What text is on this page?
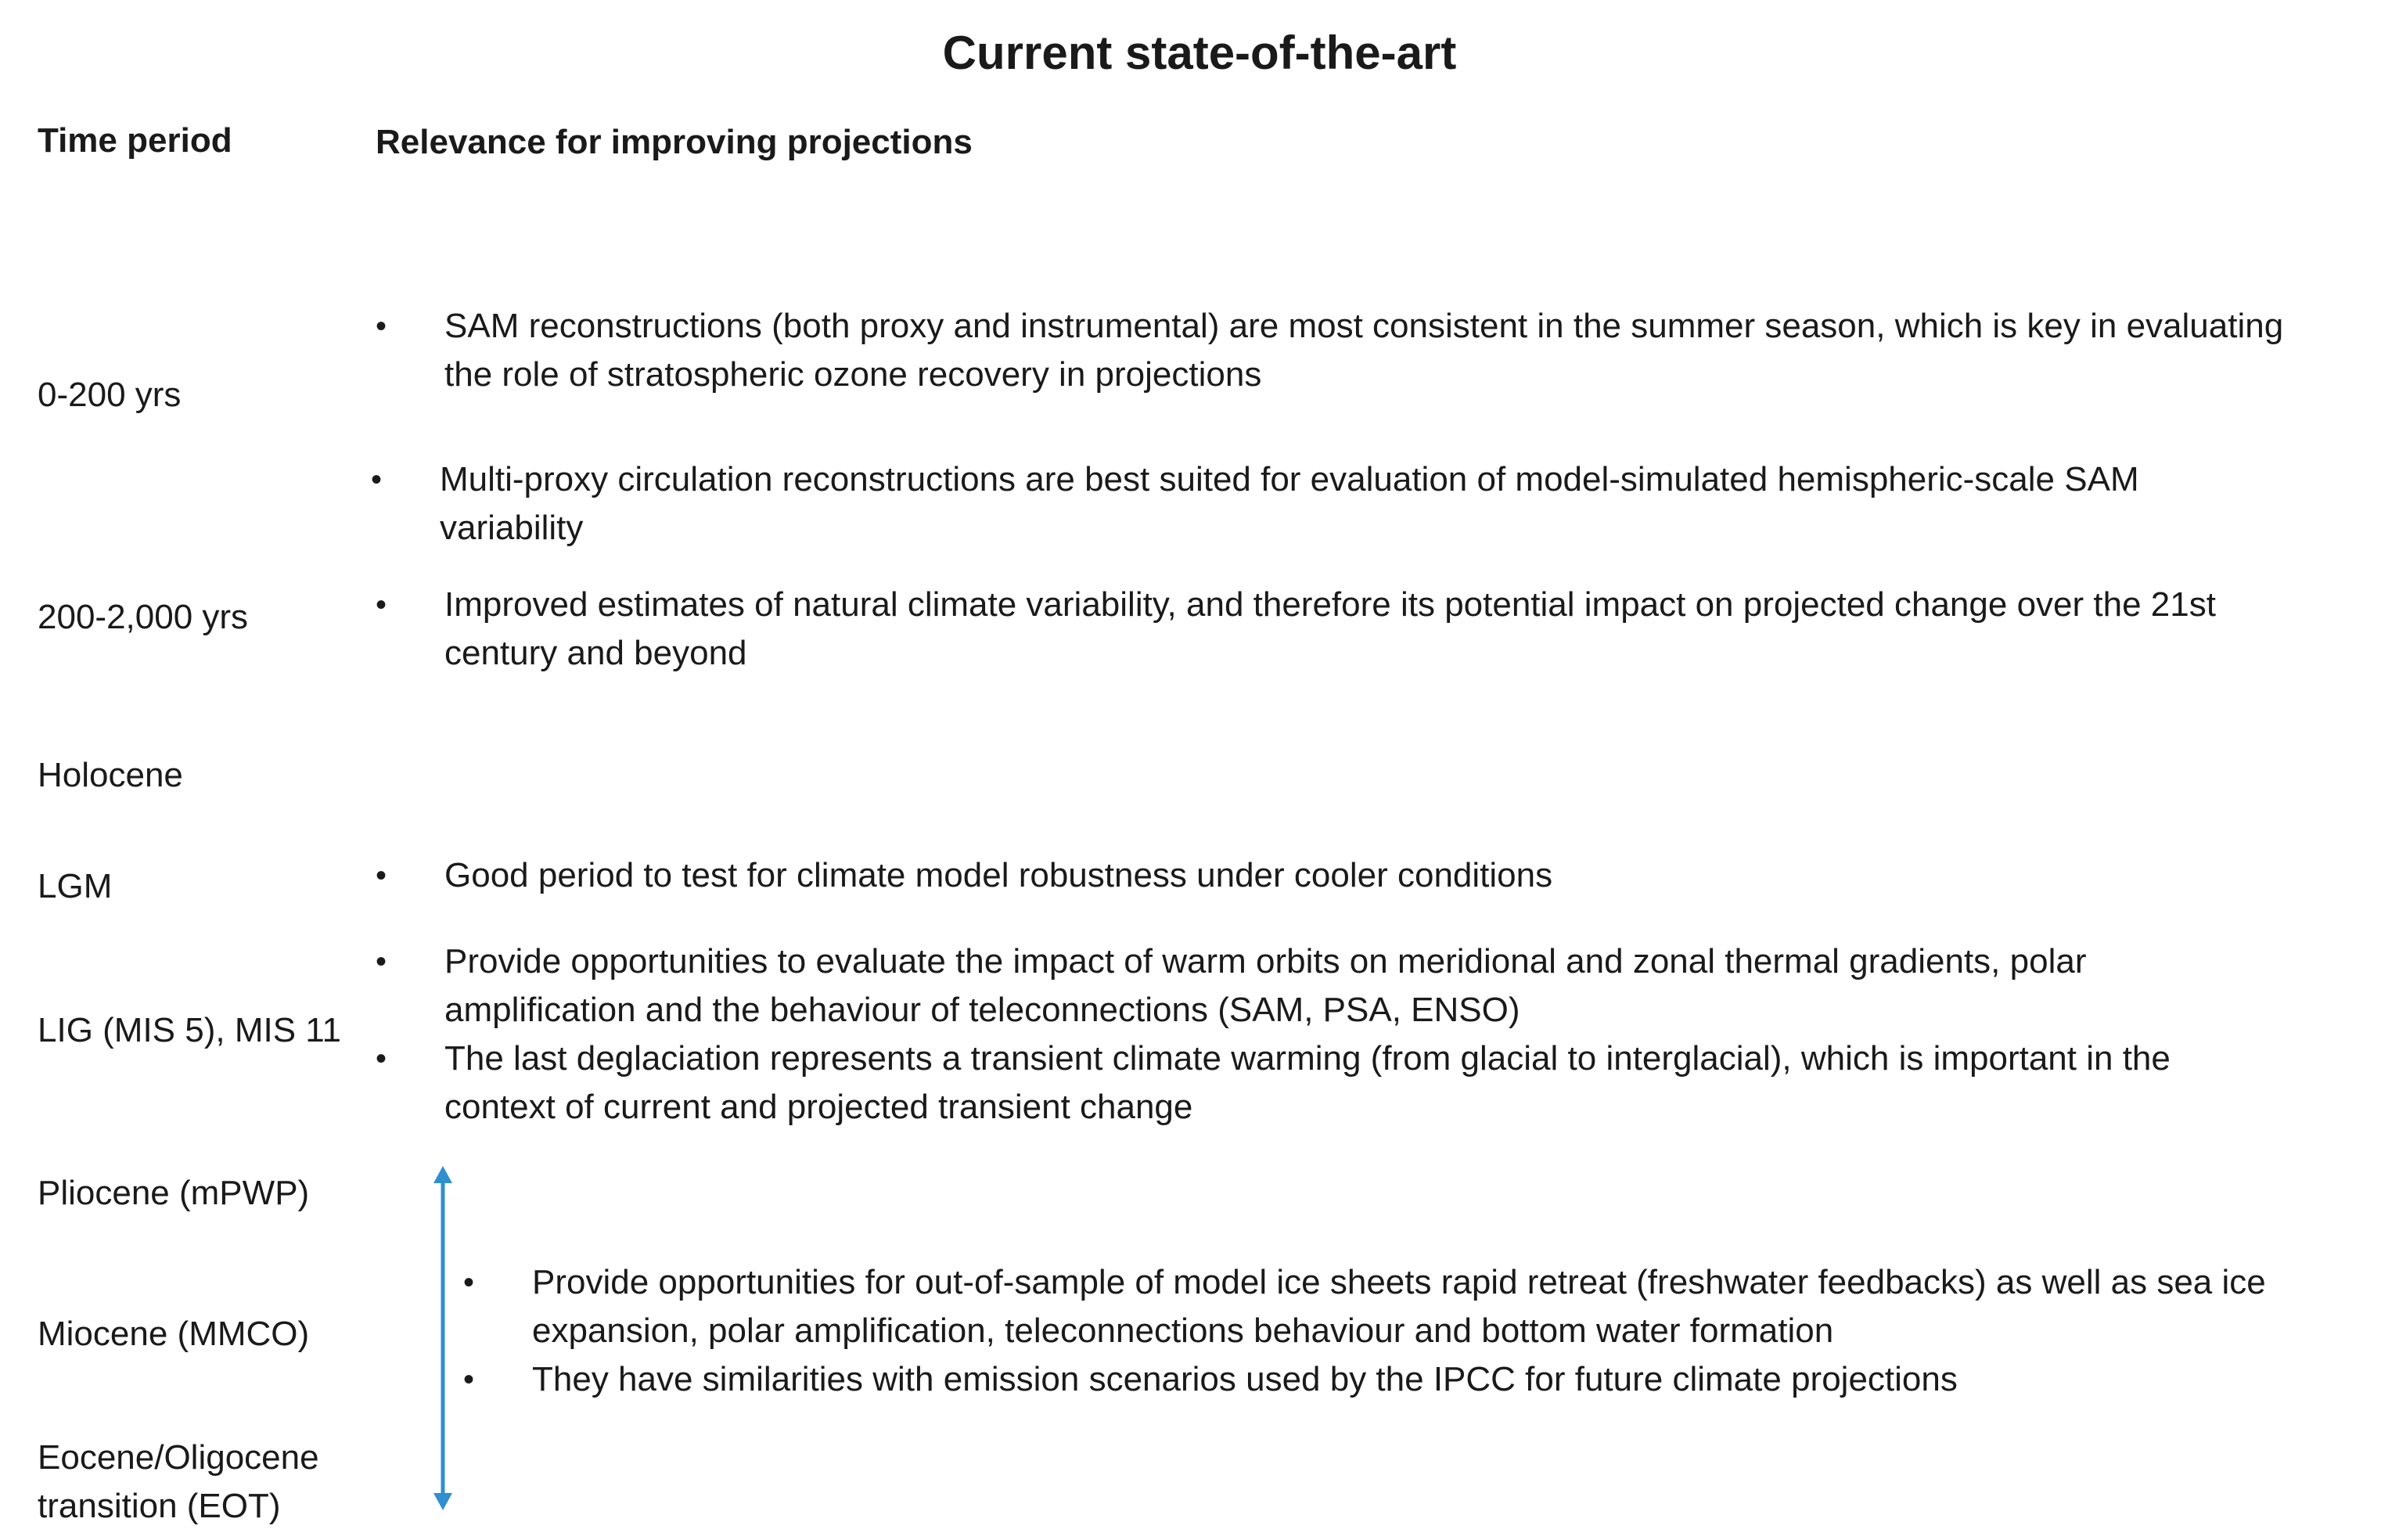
Current state-of-the-art
Time period	Relevance for improving projections
0-200 yrs
200-2,000 yrs
Holocene
LGM
LIG (MIS 5), MIS 11
Pliocene (mPWP)
Miocene (MMCO)
Eocene/Oligocene
transition (EOT)
• SAM reconstructions (both proxy and instrumental) are most consistent in the summer season, which is key in evaluating
the role of stratospheric ozone recovery in projections
• Multi-proxy circulation reconstructions are best suited for evaluation of model-simulated hemispheric-scale SAM
variability
• Improved estimates of natural climate variability, and therefore its potential impact on projected change over the 21st
century and beyond
• Good period to test for climate model robustness under cooler conditions
• Provide opportunities to evaluate the impact of warm orbits on meridional and zonal thermal gradients, polar
amplification and the behaviour of teleconnections (SAM, PSA, ENSO)
• The last deglaciation represents a transient climate warming (from glacial to interglacial), which is important in the
context of current and projected transient change
• Provide opportunities for out-of-sample of model ice sheets rapid retreat (freshwater feedbacks) as well as sea ice
expansion, polar amplification, teleconnections behaviour and bottom water formation
• They have similarities with emission scenarios used by the IPCC for future climate projections
